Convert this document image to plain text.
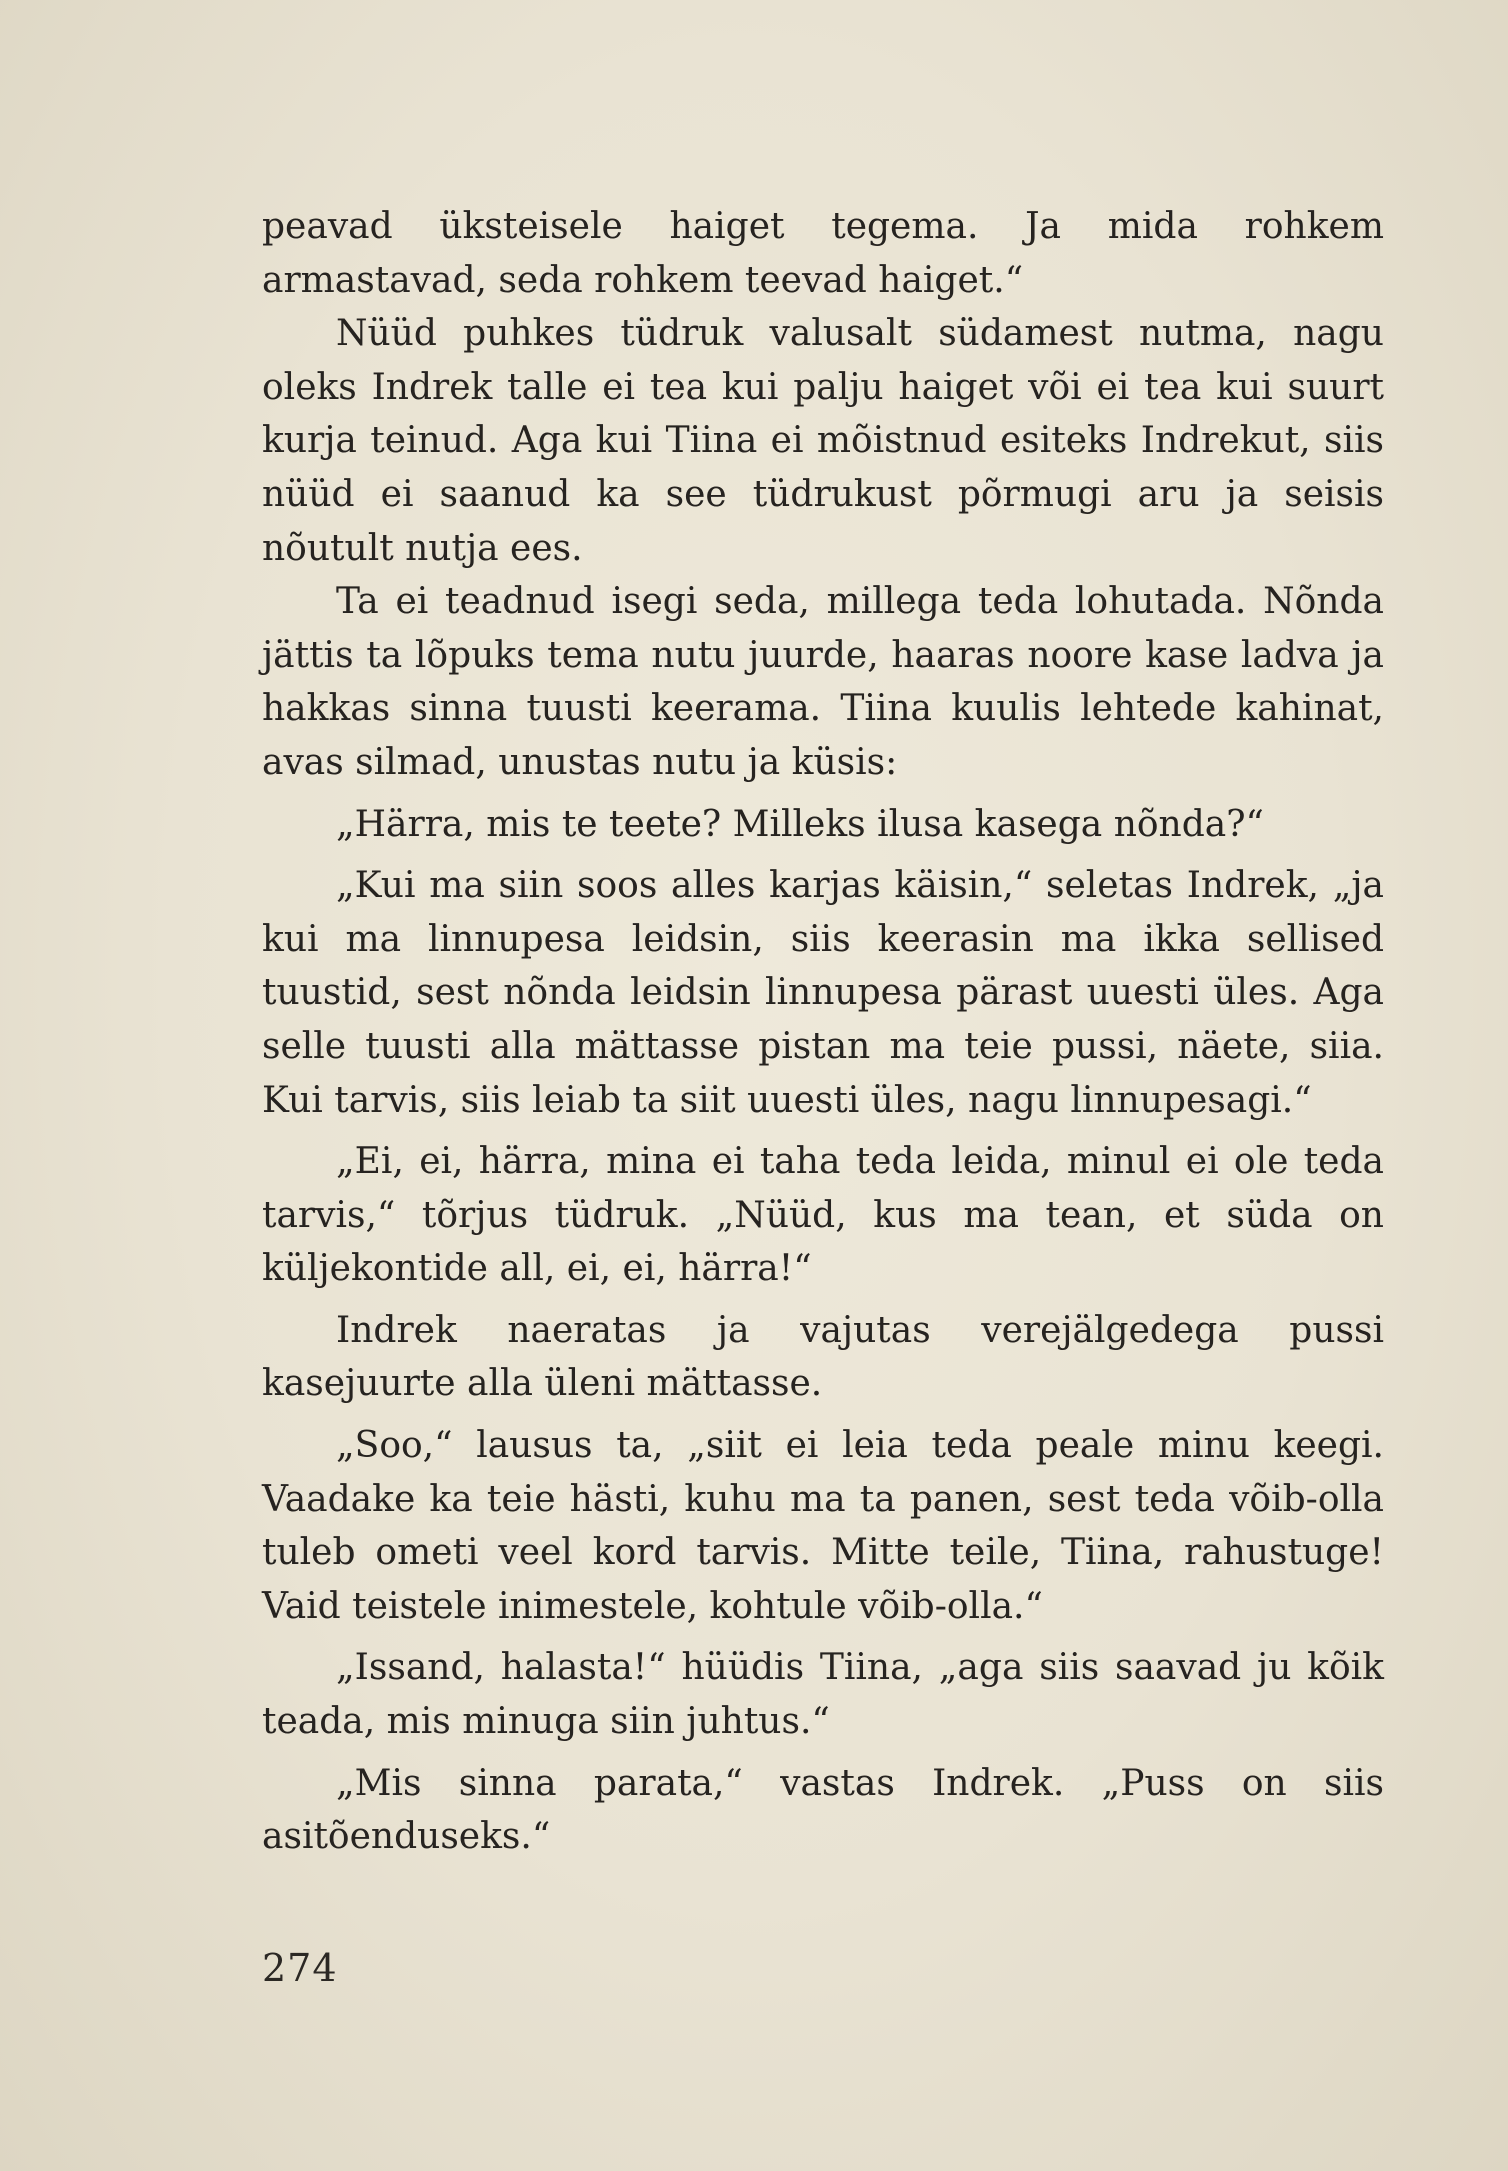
peavad üksteisele haiget tegema. Ja mida rohkem armastavad, seda rohkem teevad haiget.“

Nüüd puhkes tüdruk valusalt südamest nutma, nagu oleks Indrek talle ei tea kui palju haiget või ei tea kui suurt kurja teinud. Aga kui Tiina ei mõistnud esiteks Indrekut, siis nüüd ei saanud ka see tüdrukust põrmugi aru ja seisis nõutult nutja ees.

Ta ei teadnud isegi seda, millega teda lohutada. Nõnda jättis ta lõpuks tema nutu juurde, haaras noore kase ladva ja hakkas sinna tuusti keerama. Tiina kuulis lehtede kahinat, avas silmad, unustas nutu ja küsis:

„Härra, mis te teete? Milleks ilusa kasega nõnda?“

„Kui ma siin soos alles karjas käisin,“ seletas Indrek, „ja kui ma linnupesa leidsin, siis keerasin ma ikka sellised tuustid, sest nõnda leidsin linnupesa pärast uuesti üles. Aga selle tuusti alla mättasse pistan ma teie pussi, näete, siia. Kui tarvis, siis leiab ta siit uuesti üles, nagu linnupesagi.“

„Ei, ei, härra, mina ei taha teda leida, minul ei ole teda tarvis,“ tõrjus tüdruk. „Nüüd, kus ma tean, et süda on küljekontide all, ei, ei, härra!“

Indrek naeratas ja vajutas verejälgedega pussi kasejuurte alla üleni mättasse.

„Soo,“ lausus ta, „siit ei leia teda peale minu keegi. Vaadake ka teie hästi, kuhu ma ta panen, sest teda võib-olla tuleb ometi veel kord tarvis. Mitte teile, Tiina, rahustuge! Vaid teistele inimestele, kohtule võib-olla.“

„Issand, halasta!“ hüüdis Tiina, „aga siis saavad ju kõik teada, mis minuga siin juhtus.“

„Mis sinna parata,“ vastas Indrek. „Puss on siis asitõenduseks.“

274
